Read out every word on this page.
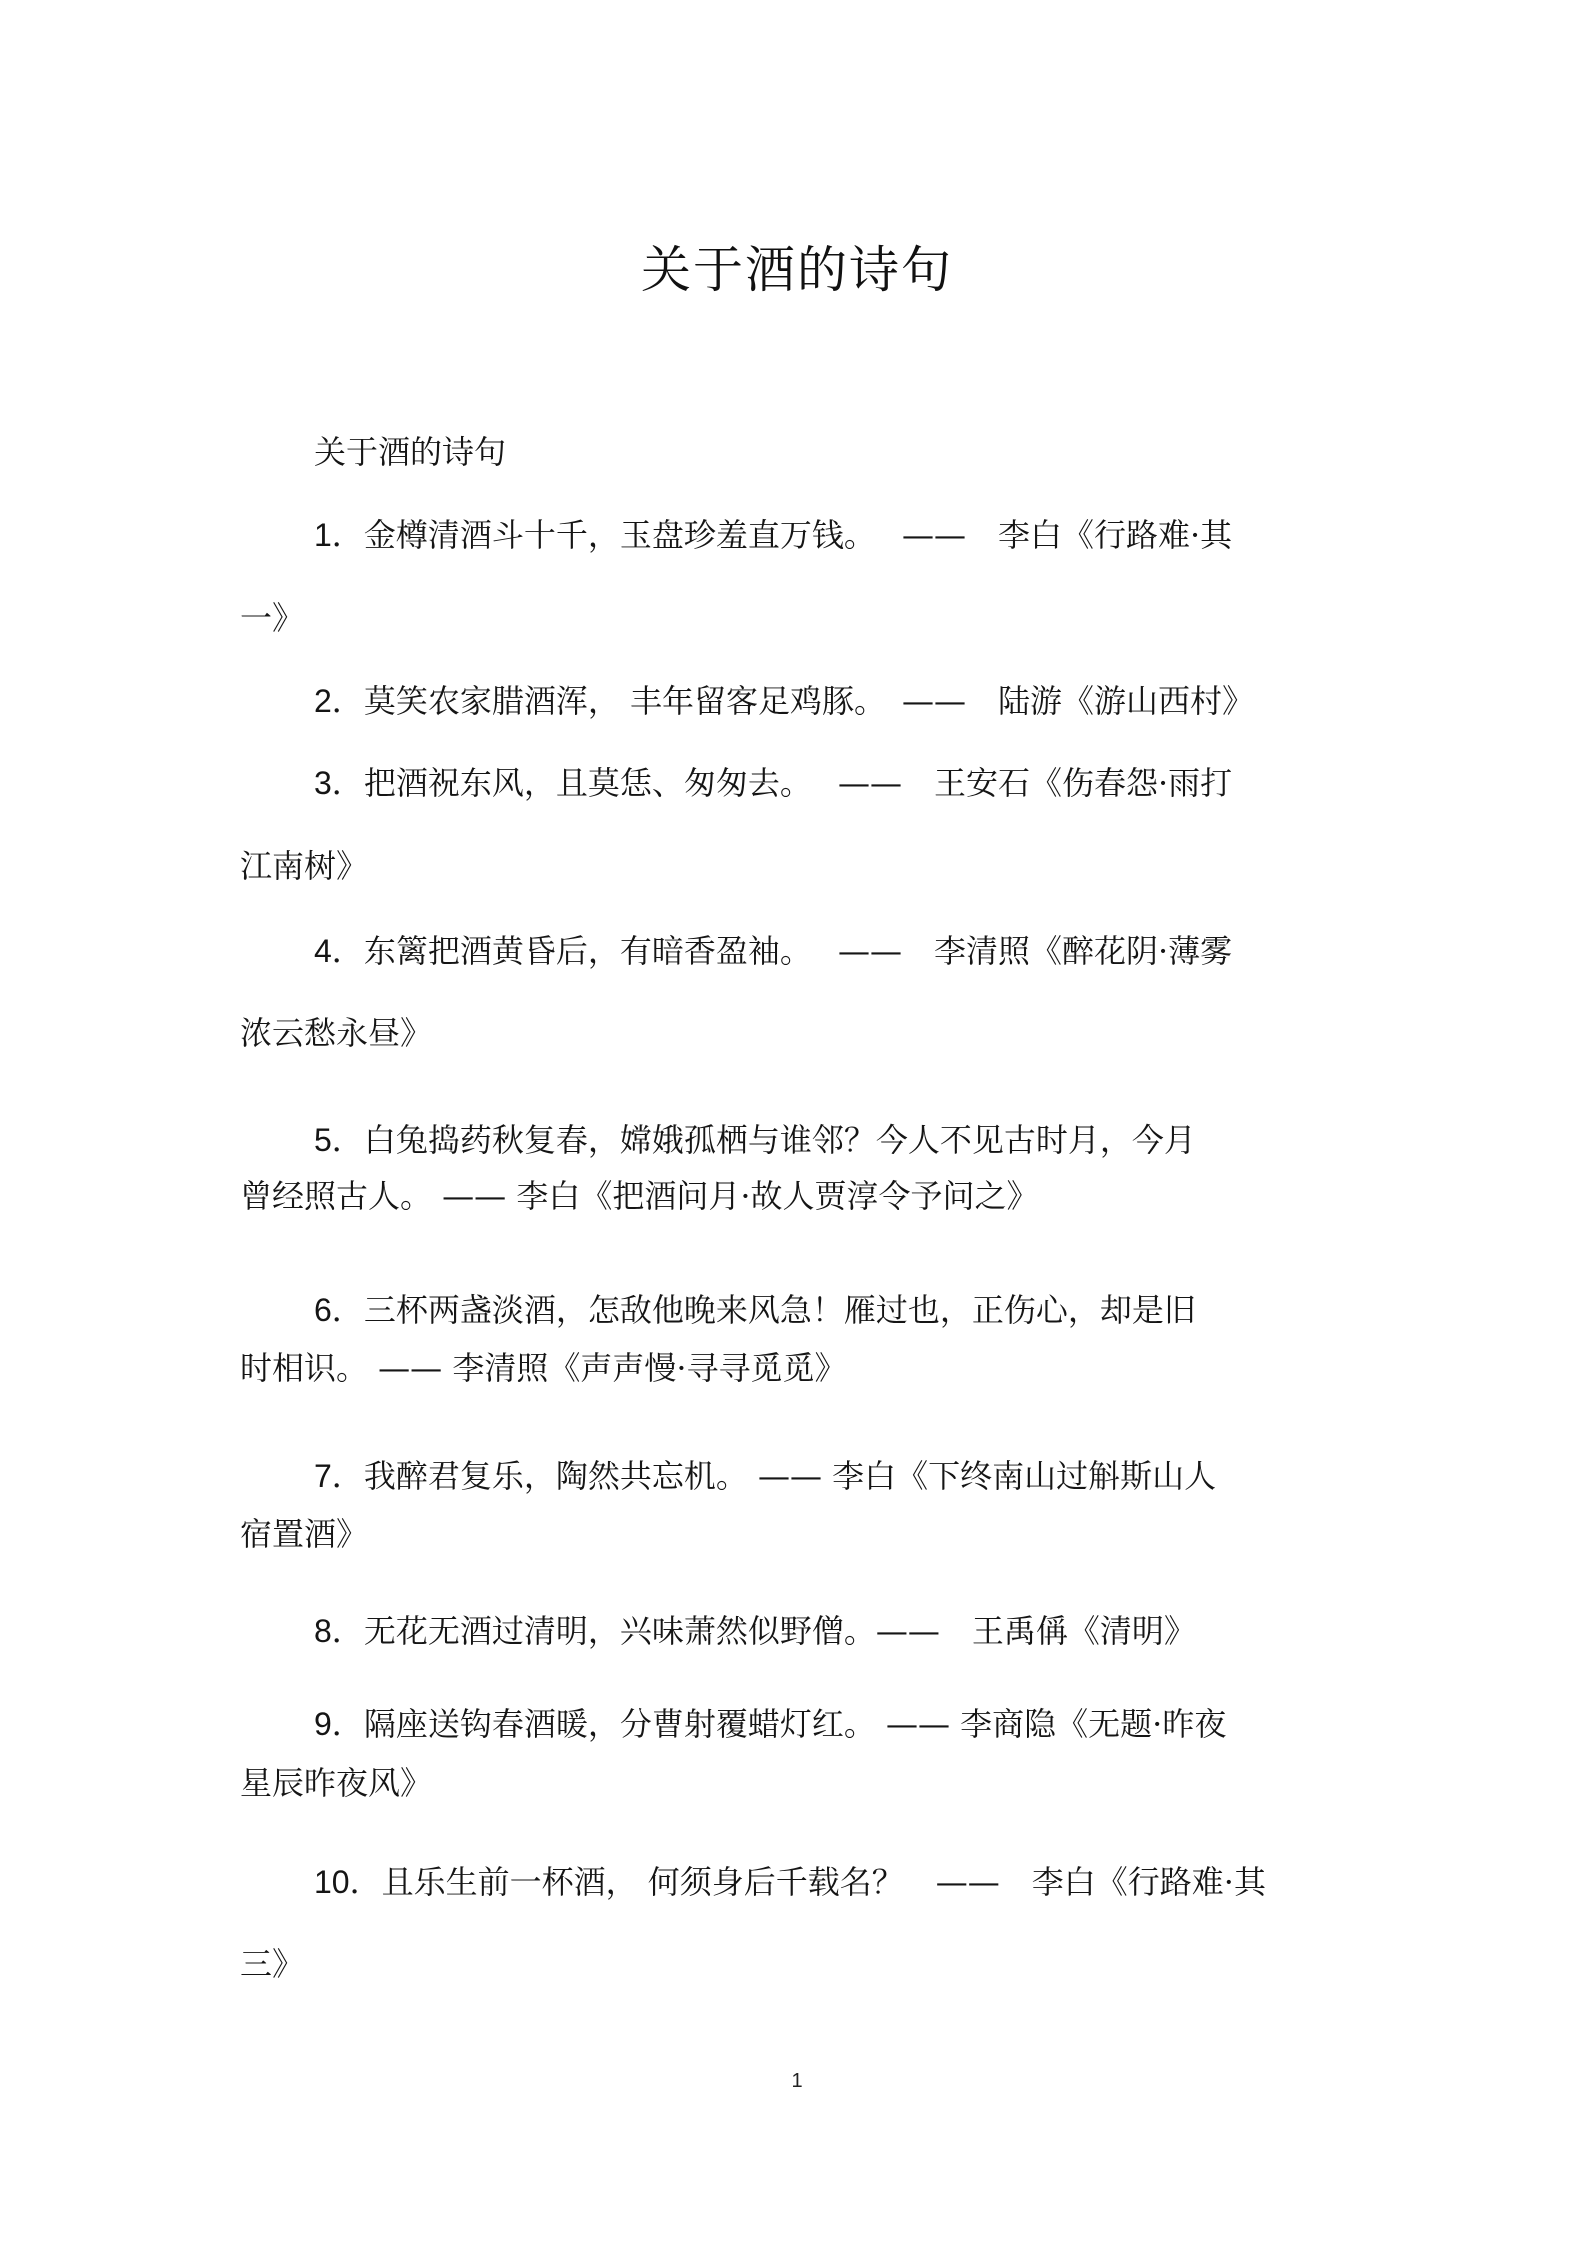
关于酒的诗句
关于酒的诗句
1．金樽清酒斗十千，玉盘珍羞直万钱。　 ——　李白《行路难·其
一》
2．莫笑农家腊酒浑， 丰年留客足鸡豚。　——　陆游《游山西村》
3．把酒祝东风，且莫恁、匆匆去。　 ——　王安石《伤春怨·雨打
江南树》
4．东篱把酒黄昏后，有暗香盈袖。　 ——　李清照《醉花阴·薄雾
浓云愁永昼》
5．白兔捣药秋复春，嫦娥孤栖与谁邻？今人不见古时月，今月
曾经照古人。 —— 李白《把酒问月·故人贾淳令予问之》
6．三杯两盏淡酒，怎敌他晚来风急！雁过也，正伤心，却是旧
时相识。 —— 李清照《声声慢·寻寻觅觅》
7．我醉君复乐，陶然共忘机。 —— 李白《下终南山过斛斯山人
宿置酒》
8．无花无酒过清明，兴味萧然似野僧。——　王禹偁《清明》
9．隔座送钩春酒暖，分曹射覆蜡灯红。 —— 李商隐《无题·昨夜
星辰昨夜风》
10．且乐生前一杯酒， 何须身后千载名？　——　李白《行路难·其
三》
1
